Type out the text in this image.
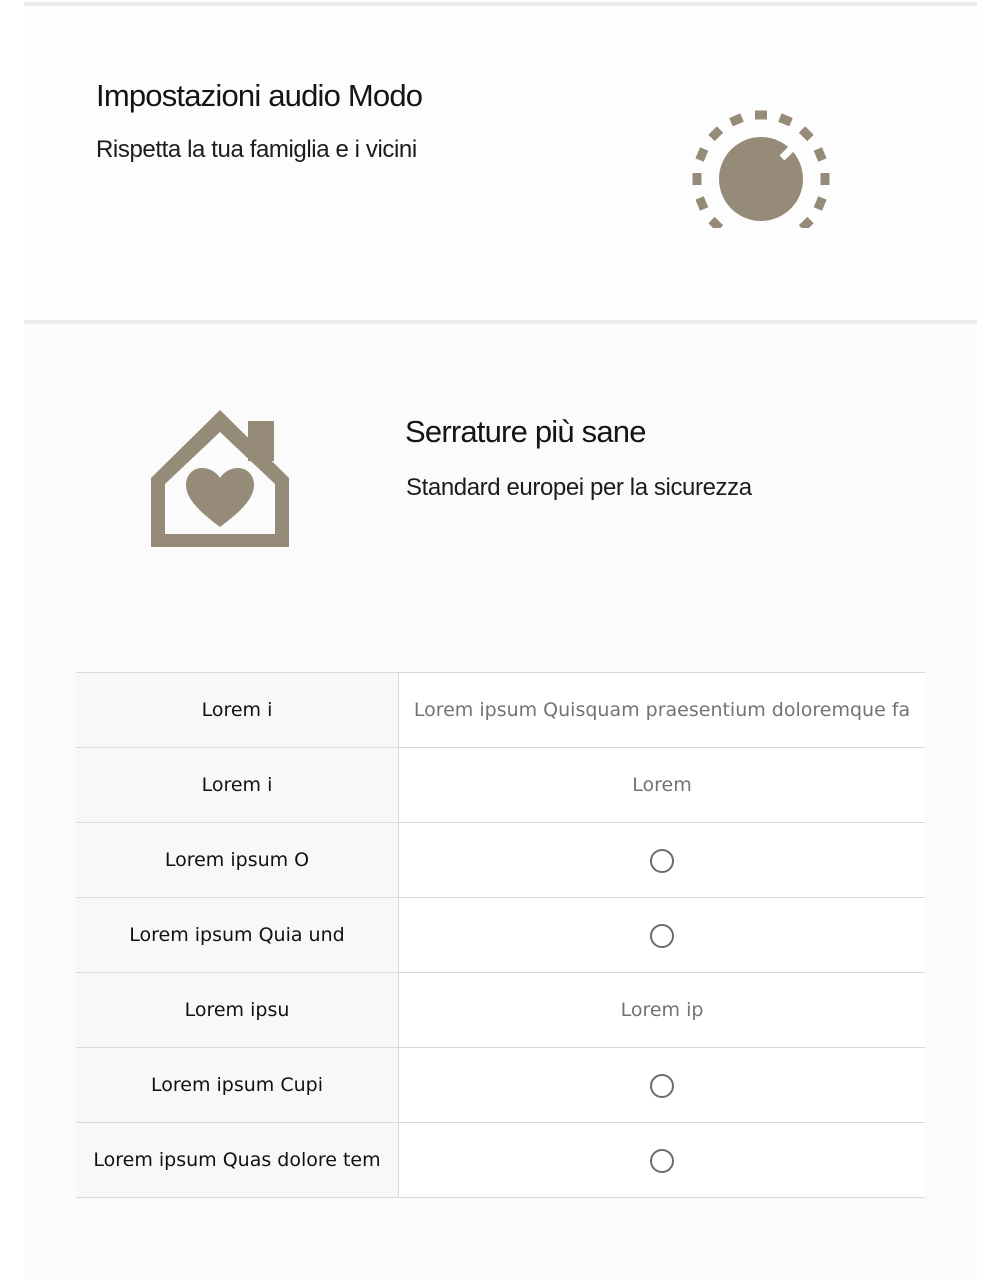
Impostazioni audio Modo
Rispetta la tua famiglia e i vicini
Serrature più sane
Standard europei per la sicurezza
Lorem i	Lorem ipsum Quisquam praesentium doloremque fa
Lorem i	Lorem
Lorem ipsum O	
Lorem ipsum Quia und	
Lorem ipsu	Lorem ip
Lorem ipsum Cupi	
Lorem ipsum Quas dolore tem	
